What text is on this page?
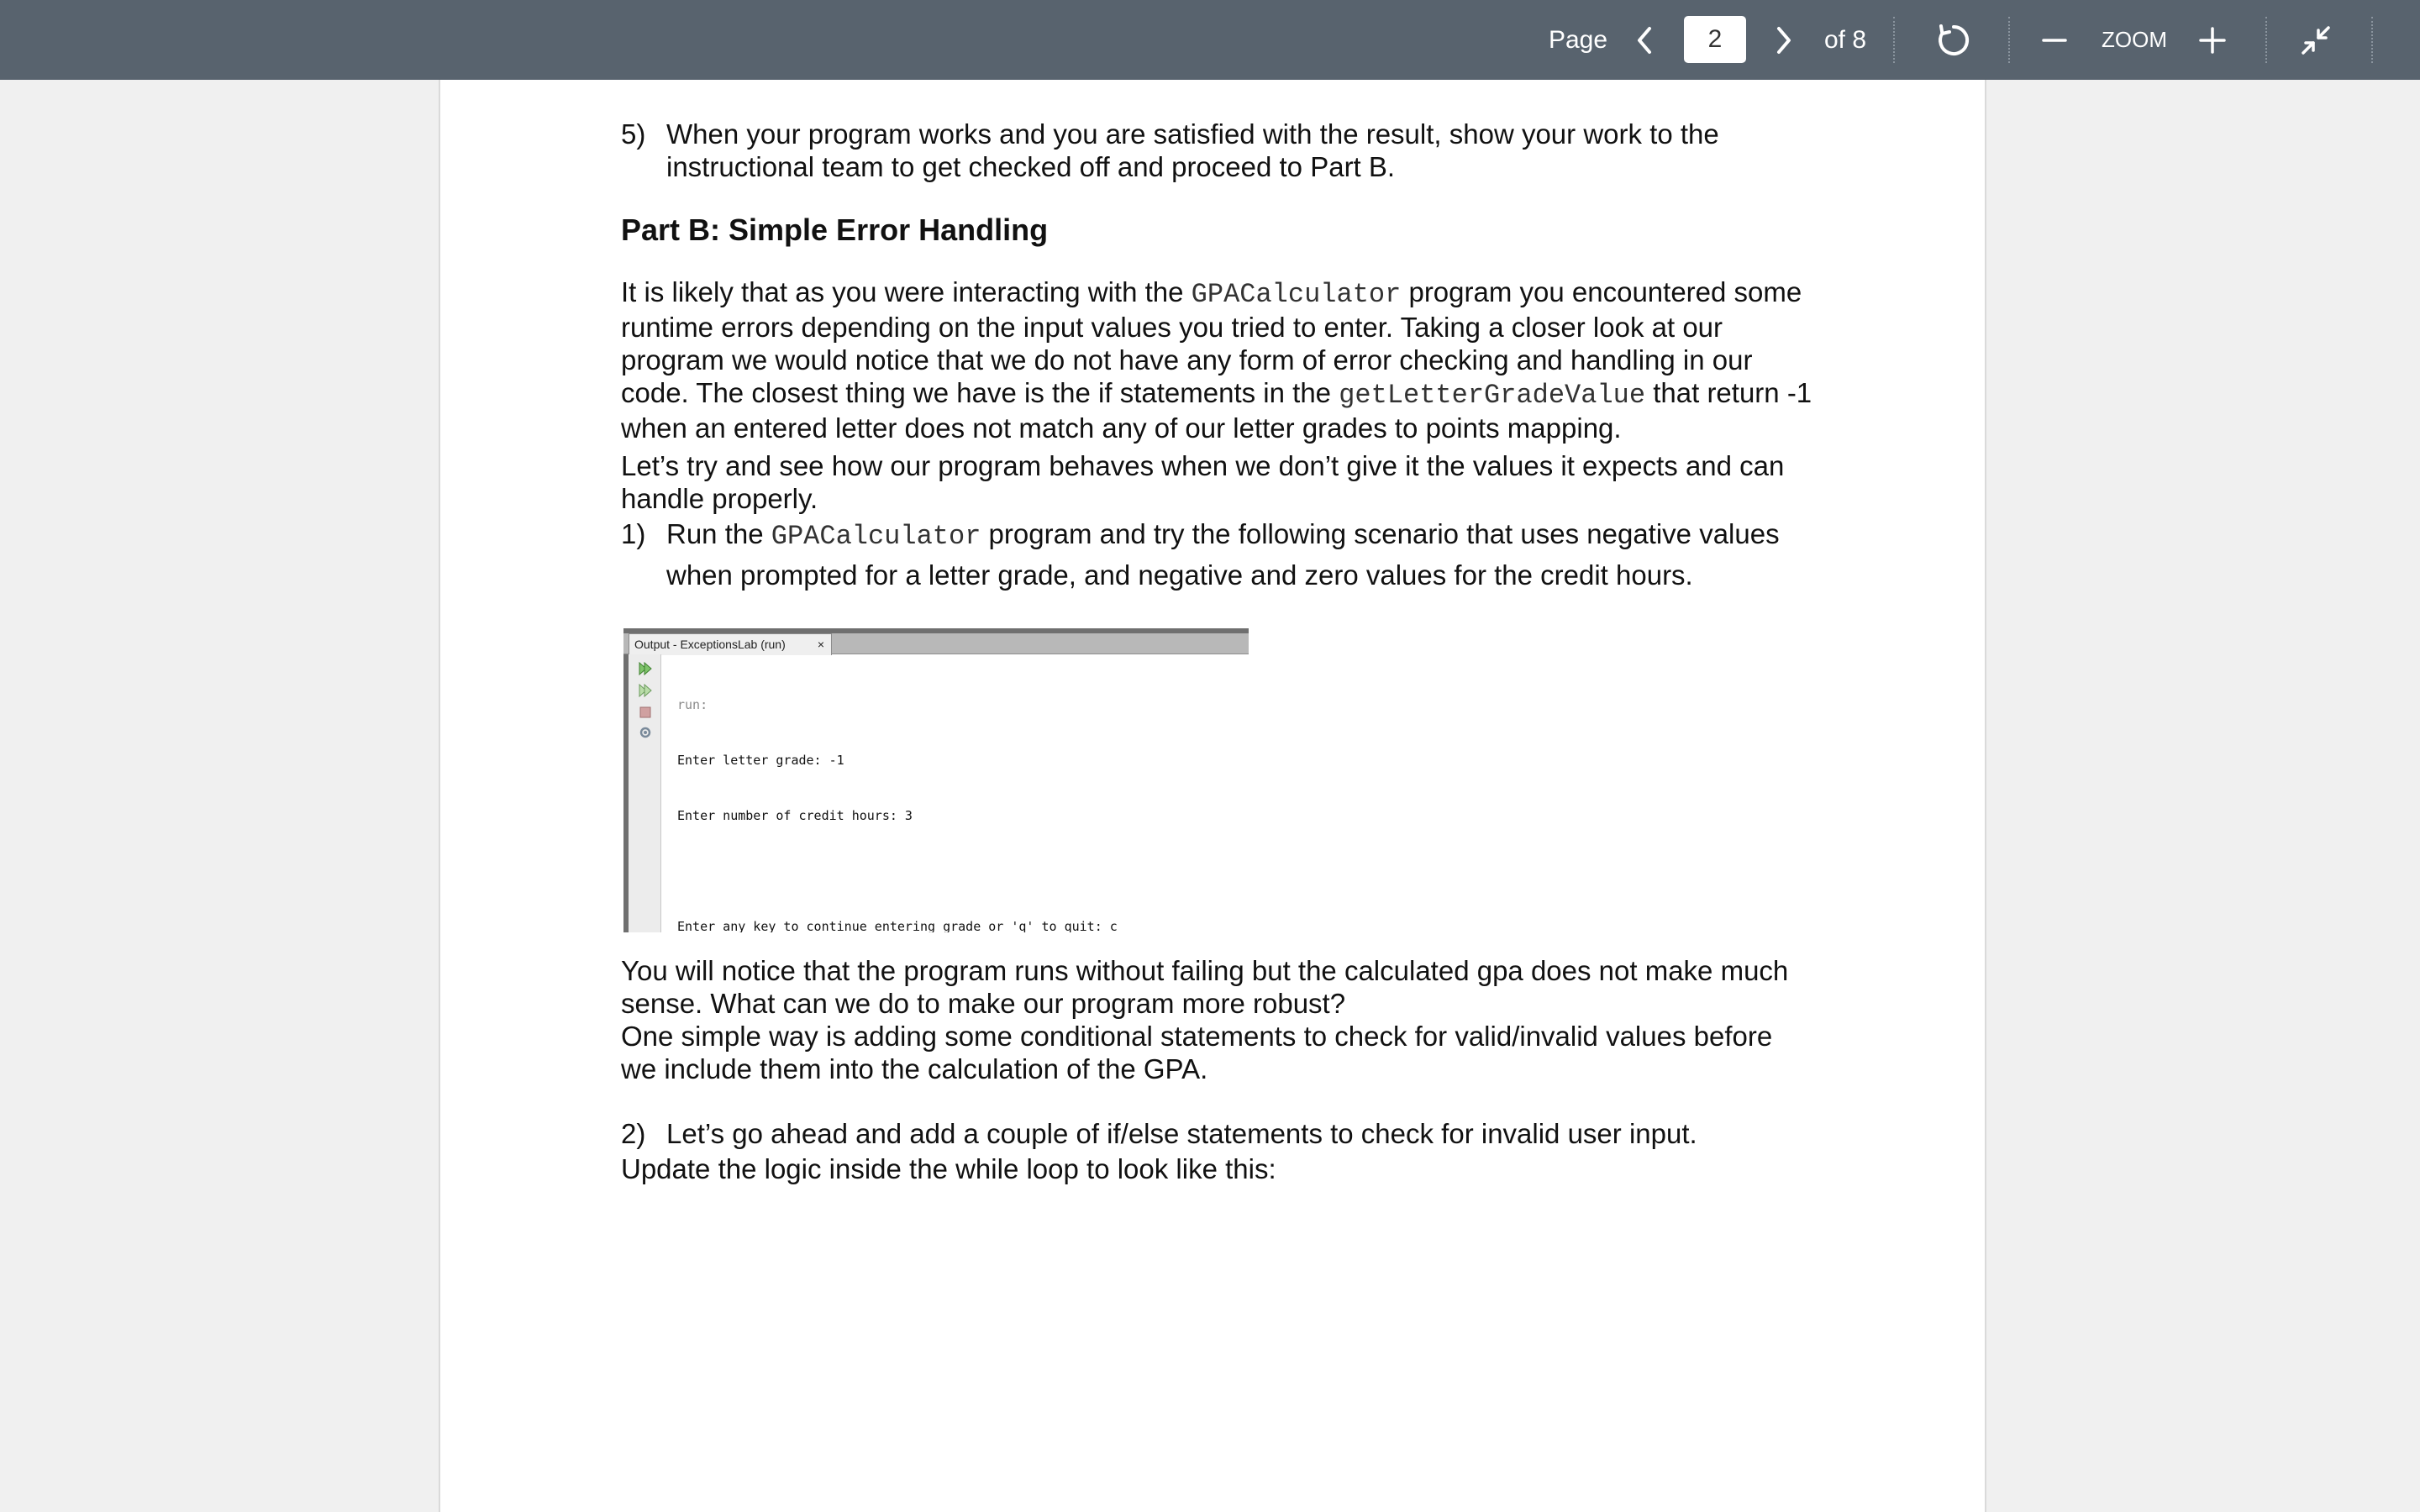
Page
2	of 8	ZOOM
5) When your program works and you are satisfied with the result, show your work to the instructional team to get checked off and proceed to Part B.
Part B: Simple Error Handling

It is likely that as you were interacting with the GPACalculator program you encountered some runtime errors depending on the input values you tried to enter. Taking a closer look at our program we would notice that we do not have any form of error checking and handling in our code. The closest thing we have is the if statements in the getLetterGradeValue that return -1 when an entered letter does not match any of our letter grades to points mapping.

Let’s try and see how our program behaves when we don’t give it the values it expects and can handle properly.

1) Run the GPACalculator program and try the following scenario that uses negative values when prompted for a letter grade, and negative and zero values for the credit hours.

You will notice that the program runs without failing but the calculated gpa does not make much sense. What can we do to make our program more robust?

One simple way is adding some conditional statements to check for valid/invalid values before we include them into the calculation of the GPA.

2) Let’s go ahead and add a couple of if/else statements to check for invalid user input.

Update the logic inside the while loop to look like this:

Output - ExceptionsLab (run)	×

run:

Enter letter grade: -1

Enter number of credit hours: 3

Enter any key to continue entering grade or 'q' to quit: c
